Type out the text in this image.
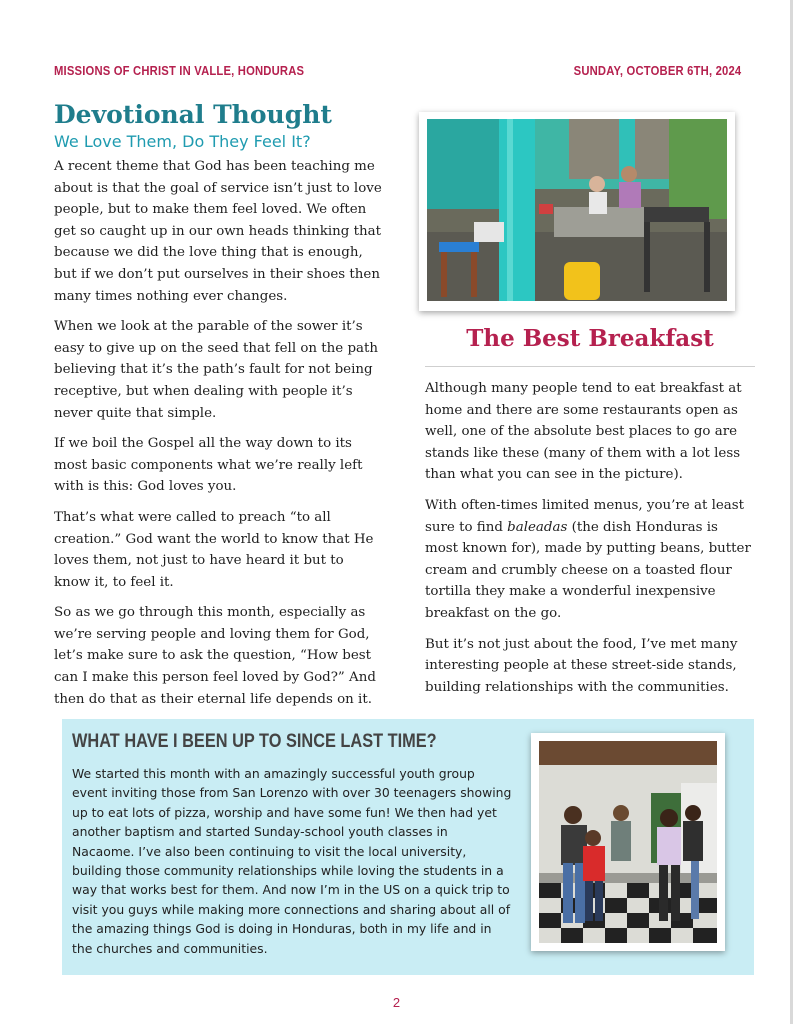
MISSIONS OF CHRIST IN VALLE, HONDURAS	SUNDAY, OCTOBER 6TH, 2024
Devotional Thought
We Love Them, Do They Feel It?

A recent theme that God has been teaching me about is that the goal of service isn’t just to love people, but to make them feel loved. We often get so caught up in our own heads thinking that because we did the love thing that is enough, but if we don’t put ourselves in their shoes then many times nothing ever changes.

When we look at the parable of the sower it’s easy to give up on the seed that fell on the path believing that it’s the path’s fault for not being receptive, but when dealing with people it’s never quite that simple.

If we boil the Gospel all the way down to its most basic components what we’re really left with is this: God loves you.

That’s what were called to preach “to all creation.” God want the world to know that He loves them, not just to have heard it but to know it, to feel it.

So as we go through this month, especially as we’re serving people and loving them for God, let’s make sure to ask the question, “How best can I make this person feel loved by God?” And then do that as their eternal life depends on it.

The Best Breakfast

Although many people tend to eat breakfast at home and there are some restaurants open as well, one of the absolute best places to go are stands like these (many of them with a lot less than what you can see in the picture).

With often-times limited menus, you’re at least sure to find baleadas (the dish Honduras is most known for), made by putting beans, butter cream and crumbly cheese on a toasted flour tortilla they make a wonderful inexpensive breakfast on the go.

But it’s not just about the food, I’ve met many interesting people at these street-side stands, building relationships with the communities.

WHAT HAVE I BEEN UP TO SINCE LAST TIME?

We started this month with an amazingly successful youth group event inviting those from San Lorenzo with over 30 teenagers showing up to eat lots of pizza, worship and have some fun! We then had yet another baptism and started Sunday-school youth classes in Nacaome. I’ve also been continuing to visit the local university, building those community relationships while loving the students in a way that works best for them. And now I’m in the US on a quick trip to visit you guys while making more connections and sharing about all of the amazing things God is doing in Honduras, both in my life and in the churches and communities.

2
